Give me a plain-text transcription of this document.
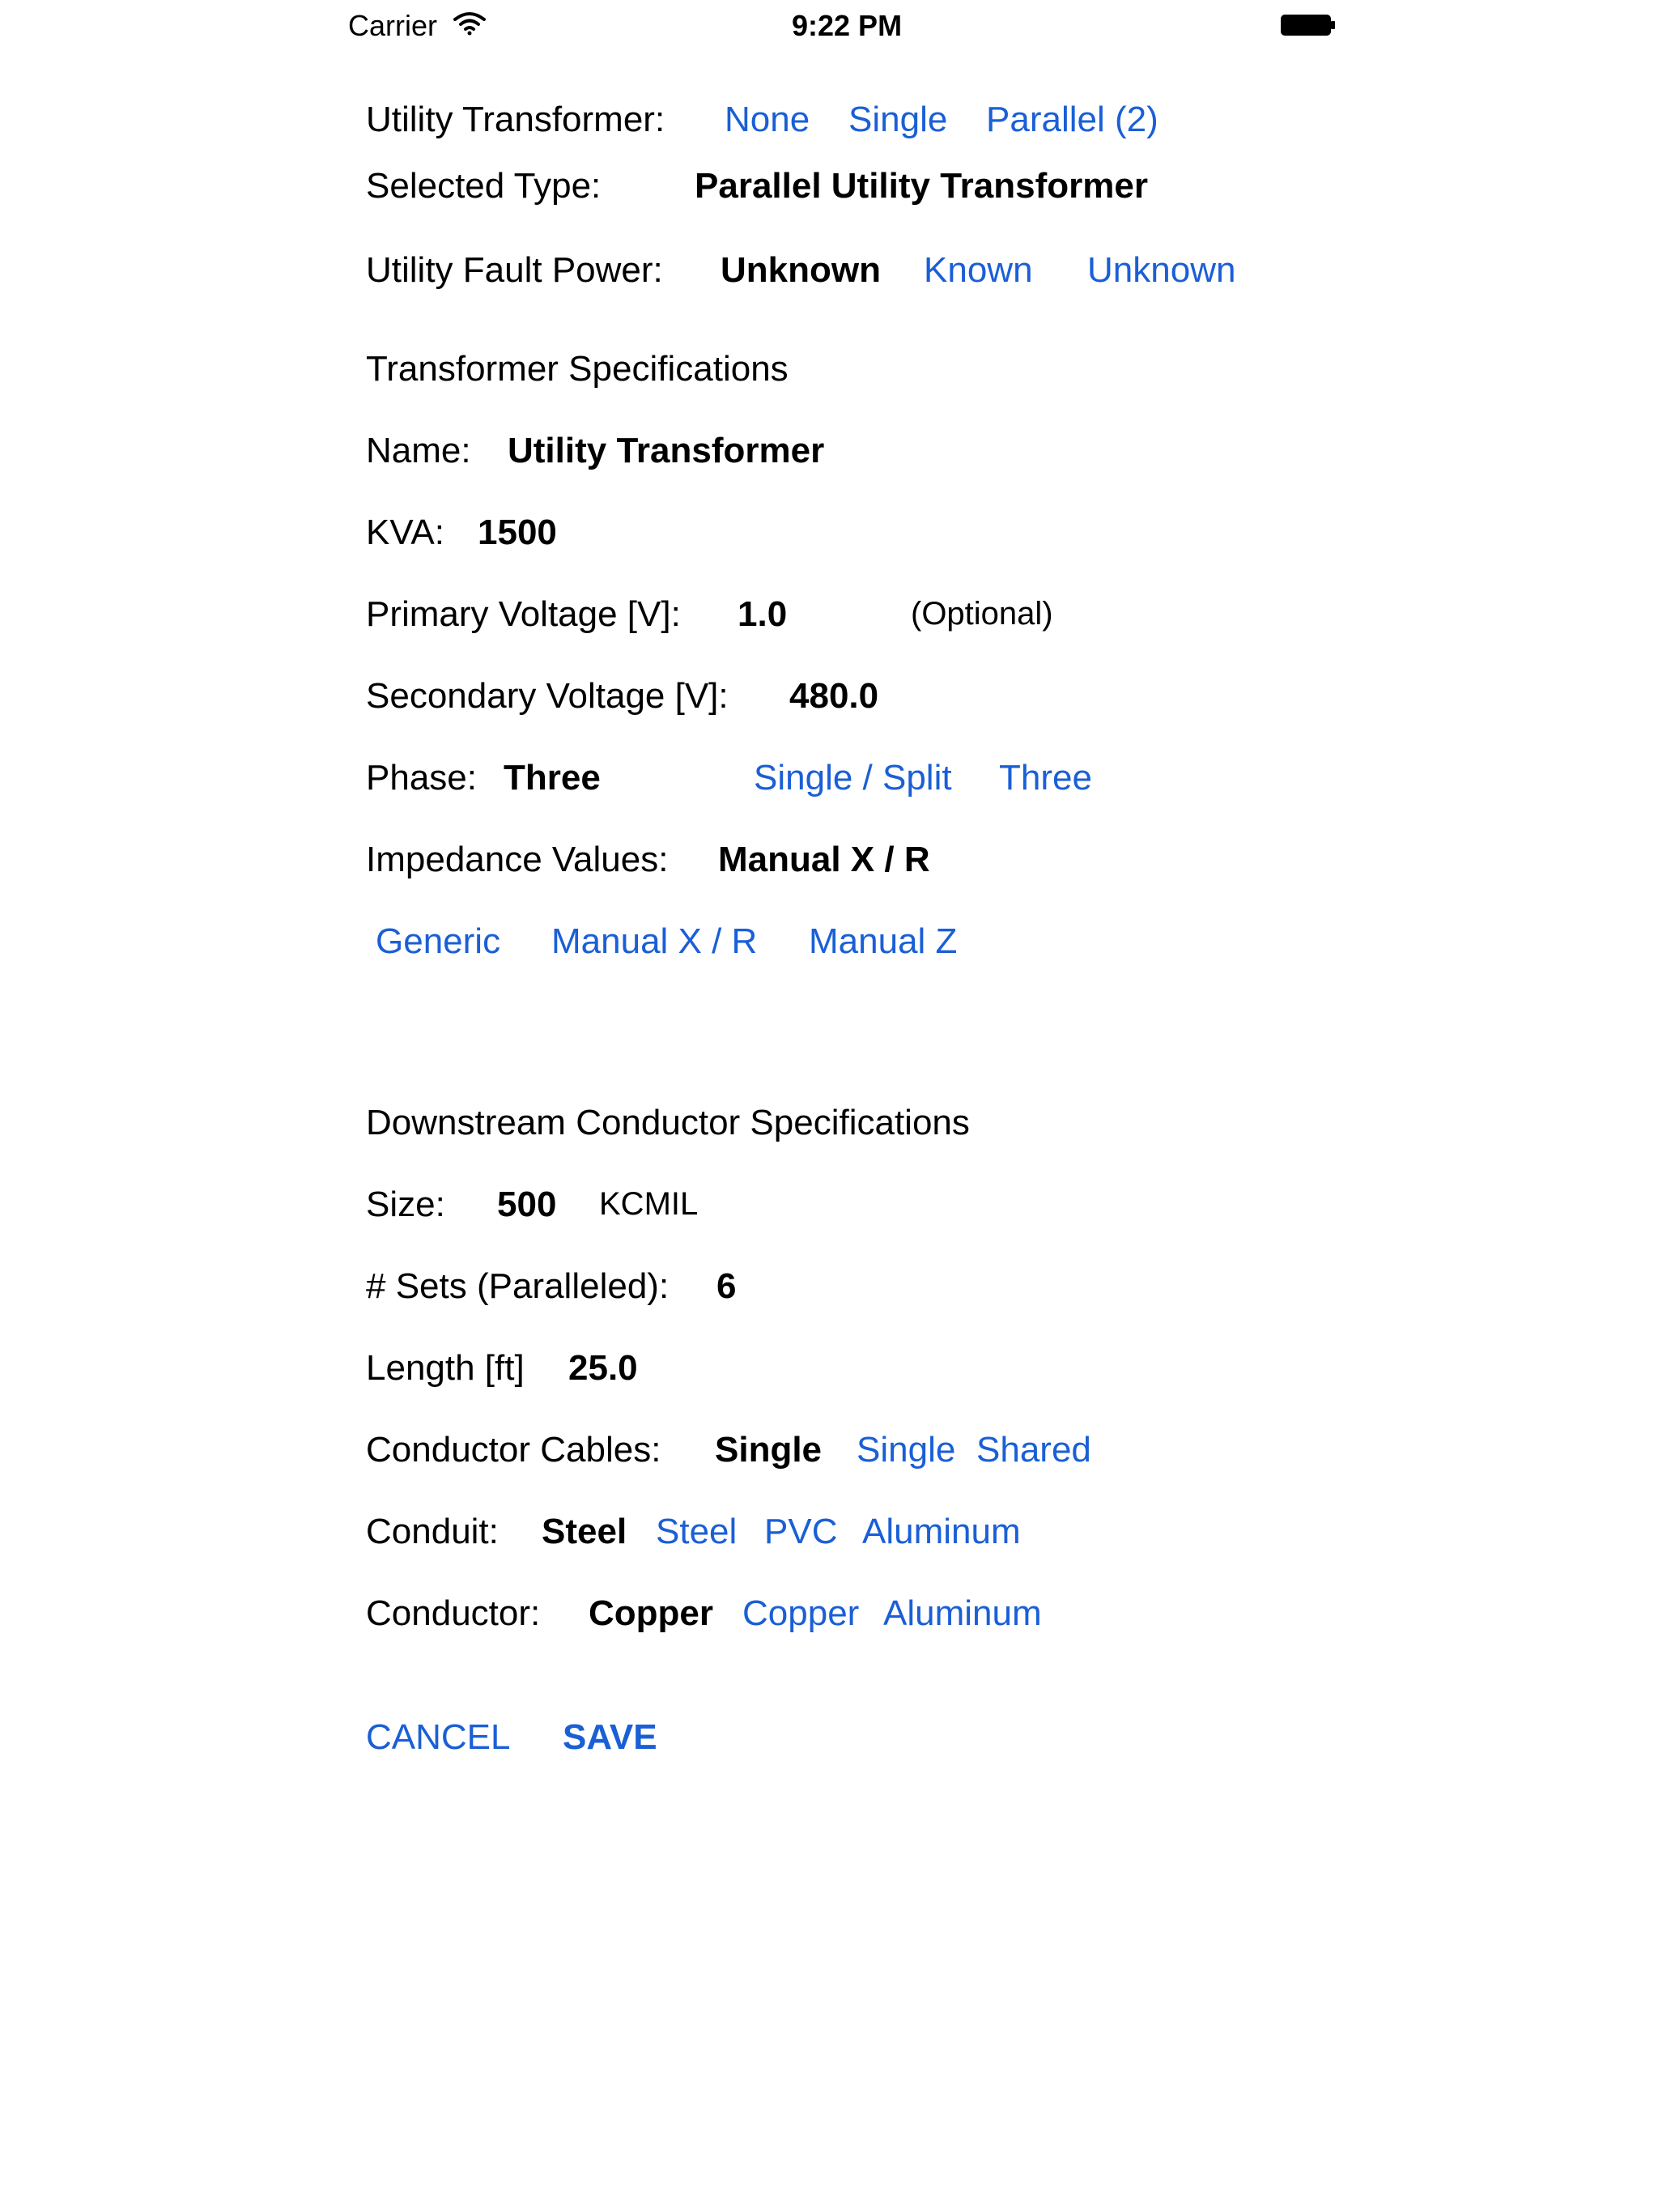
Carrier	9:22 PM
Utility Transformer: None Single Parallel (2)
Selected Type:	Parallel Utility Transformer
Utility Fault Power: Unknown Known Unknown
Transformer Specifications
Name: Utility Transformer
KVA: 1500
Primary Voltage [V]: 1.0	(Optional)
Secondary Voltage [V]: 480.0
Phase: Three	Single / Split Three
Impedance Values: Manual X / R
Generic Manual X / R Manual Z
Downstream Conductor Specifications
Size: 500 KCMIL
# Sets (Paralleled): 6
Length [ft] 25.0
Conductor Cables: Single Single Shared
Conduit: Steel Steel PVC Aluminum
Conductor: Copper Copper Aluminum
CANCEL SAVE
